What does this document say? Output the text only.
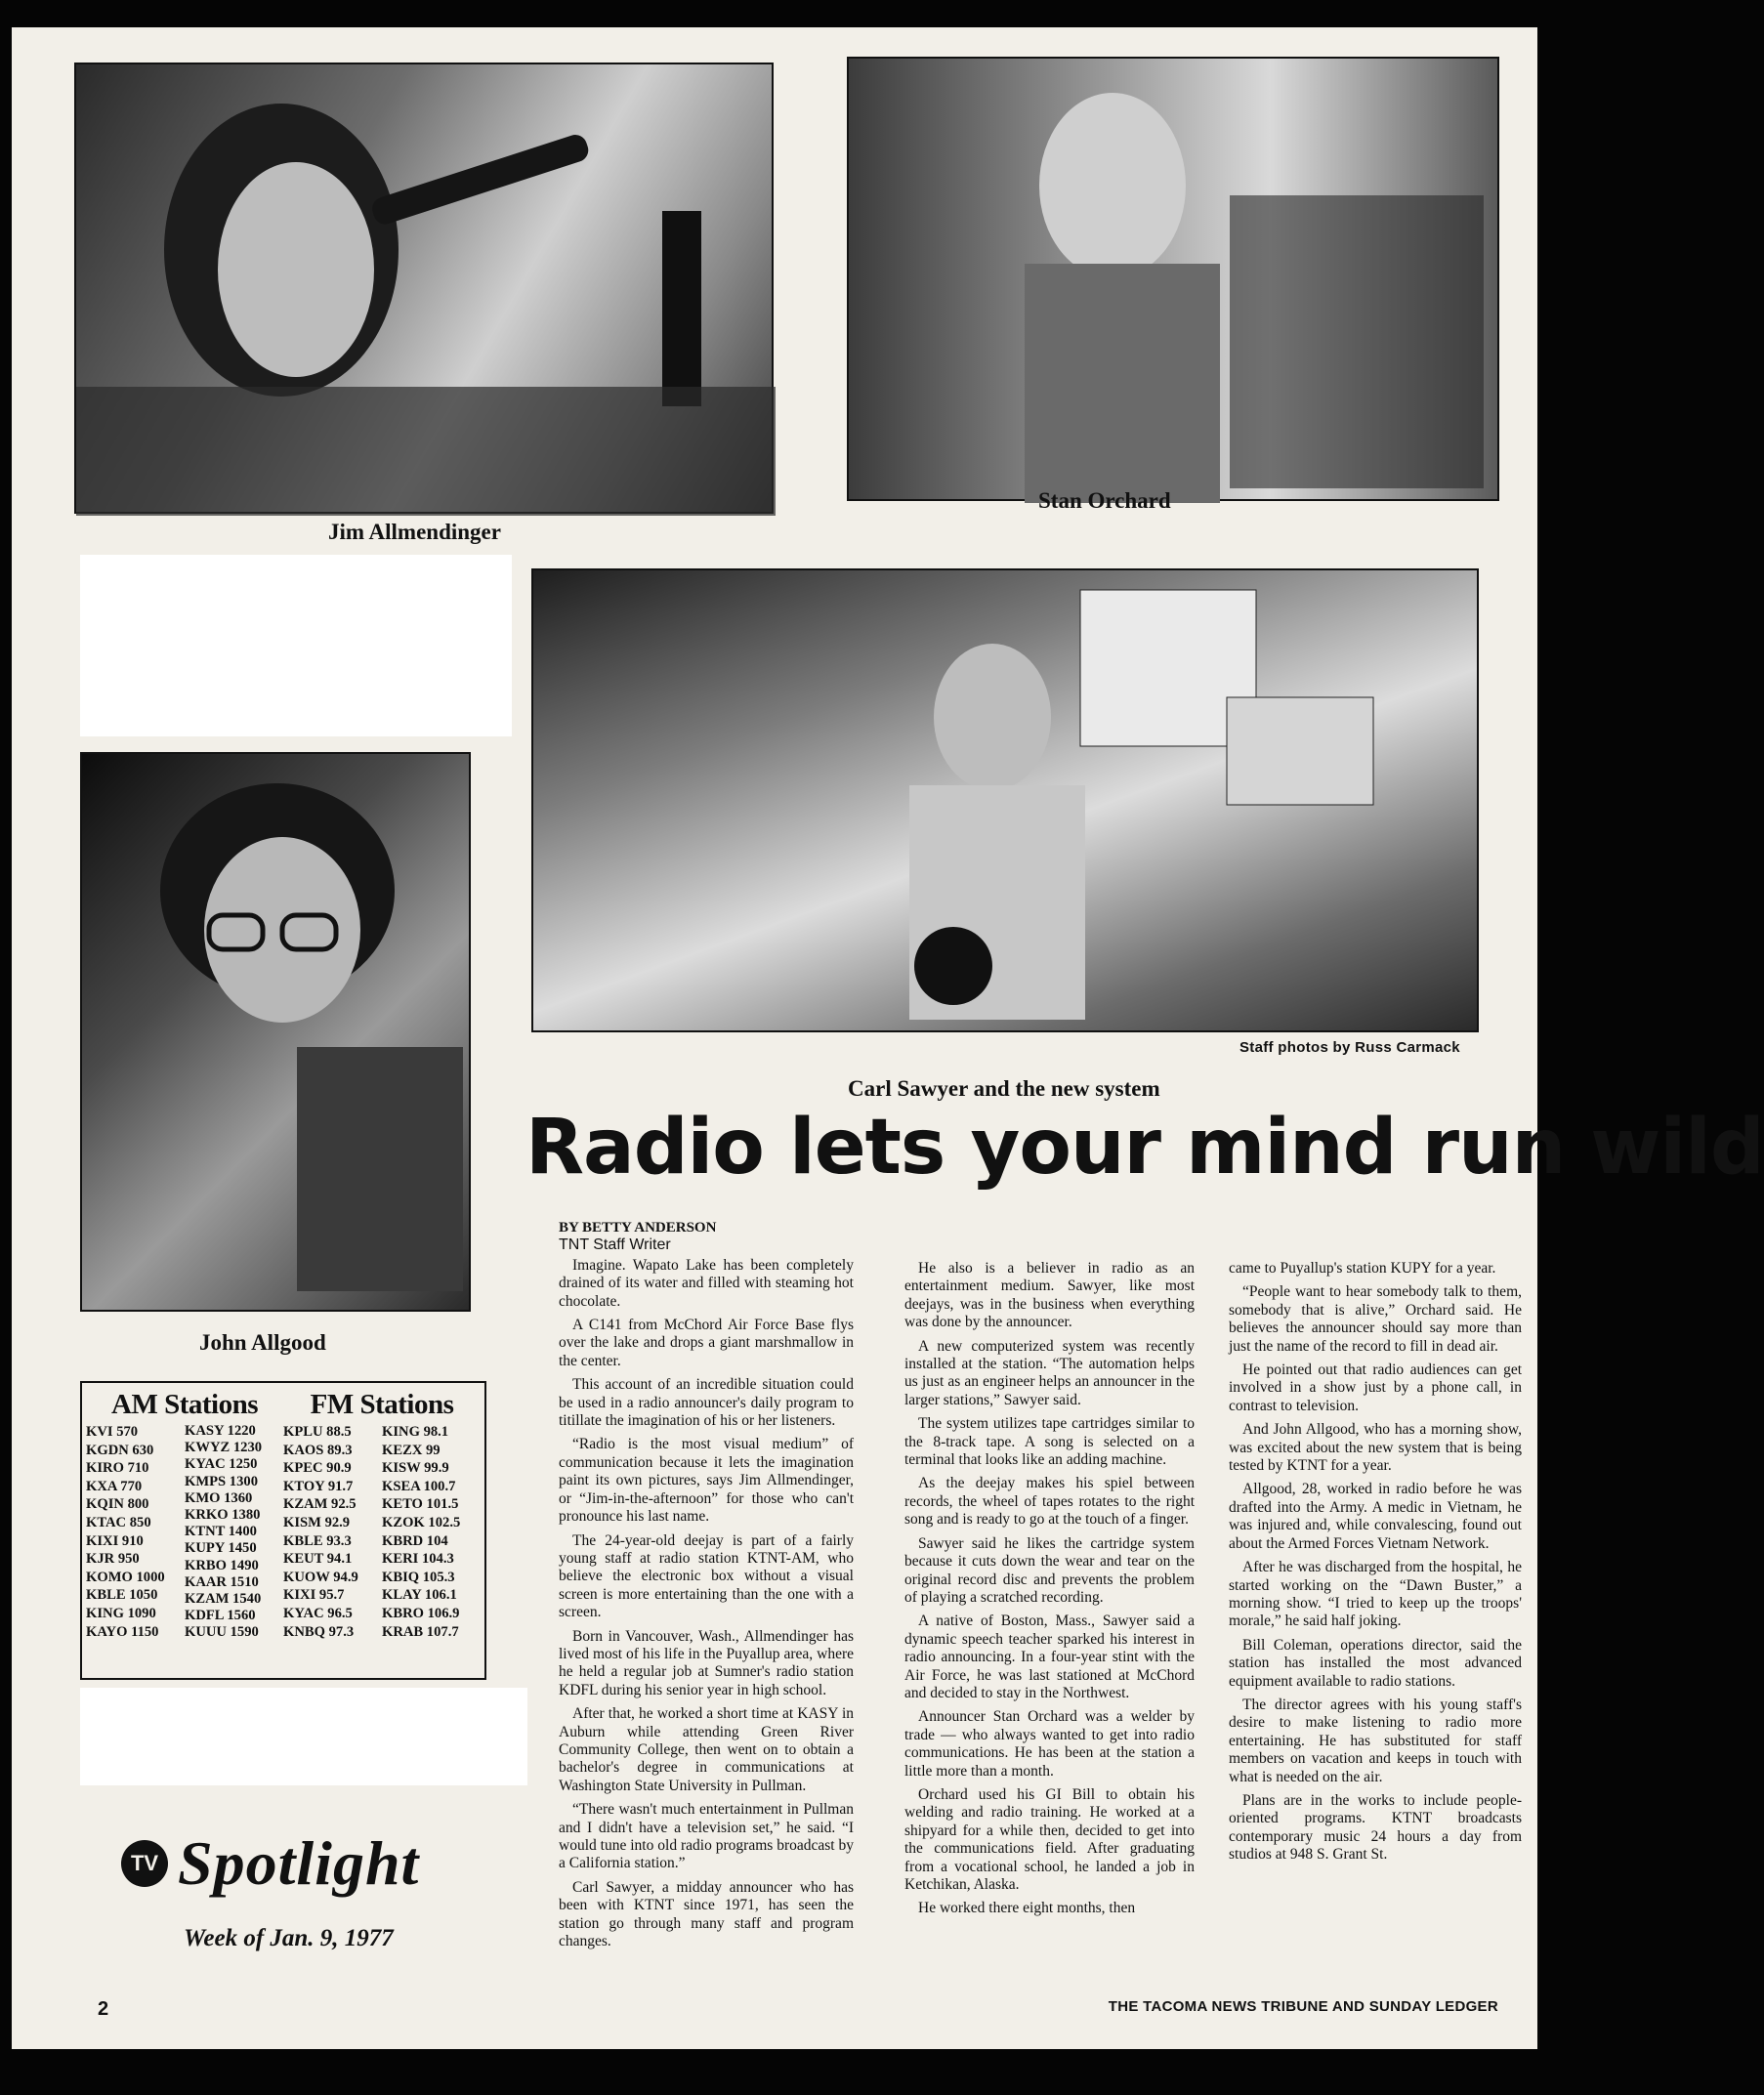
Jim Allmendinger
Stan Orchard
Carl Sawyer and the new system
Staff photos by Russ Carmack
John Allgood
AM Stations	FM Stations
KVI 570
KGDN 630
KIRO 710
KXA 770
KQIN 800
KTAC 850
KIXI 910
KJR 950
KOMO 1000
KBLE 1050
KING 1090
KAYO 1150
KASY 1220
KWYZ 1230
KYAC 1250
KMPS 1300
KMO 1360
KRKO 1380
KTNT 1400
KUPY 1450
KRBO 1490
KAAR 1510
KZAM 1540
KDFL 1560
KUUU 1590
KPLU 88.5
KAOS 89.3
KPEC 90.9
KTOY 91.7
KZAM 92.5
KISM 92.9
KBLE 93.3
KEUT 94.1
KUOW 94.9
KIXI 95.7
KYAC 96.5
KNBQ 97.3
KING 98.1
KEZX 99
KISW 99.9
KSEA 100.7
KETO 101.5
KZOK 102.5
KBRD 104
KERI 104.3
KBIQ 105.3
KLAY 106.1
KBRO 106.9
KRAB 107.7
TV Spotlight
Week of Jan. 9, 1977
Radio lets your mind run wild
BY BETTY ANDERSON
TNT Staff Writer

Imagine. Wapato Lake has been completely drained of its water and filled with steaming hot chocolate.

A C141 from McChord Air Force Base flys over the lake and drops a giant marshmallow in the center.

This account of an incredible situation could be used in a radio announcer's daily program to titillate the imagination of his or her listeners.

“Radio is the most visual medium” of communication because it lets the imagination paint its own pictures, says Jim Allmendinger, or “Jim-in-the-afternoon” for those who can't pronounce his last name.

The 24-year-old deejay is part of a fairly young staff at radio station KTNT-AM, who believe the electronic box without a visual screen is more entertaining than the one with a screen.

Born in Vancouver, Wash., Allmendinger has lived most of his life in the Puyallup area, where he held a regular job at Sumner's radio station KDFL during his senior year in high school.

After that, he worked a short time at KASY in Auburn while attending Green River Community College, then went on to obtain a bachelor's degree in communications at Washington State University in Pullman.

“There wasn't much entertainment in Pullman and I didn't have a television set,” he said. “I would tune into old radio programs broadcast by a California station.”

Carl Sawyer, a midday announcer who has been with KTNT since 1971, has seen the station go through many staff and program changes.

He also is a believer in radio as an entertainment medium. Sawyer, like most deejays, was in the business when everything was done by the announcer.

A new computerized system was recently installed at the station. “The automation helps us just as an engineer helps an announcer in the larger stations,” Sawyer said.

The system utilizes tape cartridges similar to the 8-track tape. A song is selected on a terminal that looks like an adding machine.

As the deejay makes his spiel between records, the wheel of tapes rotates to the right song and is ready to go at the touch of a finger.

Sawyer said he likes the cartridge system because it cuts down the wear and tear on the original record disc and prevents the problem of playing a scratched recording.

A native of Boston, Mass., Sawyer said a dynamic speech teacher sparked his interest in radio announcing. In a four-year stint with the Air Force, he was last stationed at McChord and decided to stay in the Northwest.

Announcer Stan Orchard was a welder by trade — who always wanted to get into radio communications. He has been at the station a little more than a month.

Orchard used his GI Bill to obtain his welding and radio training. He worked at a shipyard for a while then, decided to get into the communications field. After graduating from a vocational school, he landed a job in Ketchikan, Alaska.

He worked there eight months, then

came to Puyallup's station KUPY for a year.

“People want to hear somebody talk to them, somebody that is alive,” Orchard said. He believes the announcer should say more than just the name of the record to fill in dead air.

He pointed out that radio audiences can get involved in a show just by a phone call, in contrast to television.

And John Allgood, who has a morning show, was excited about the new system that is being tested by KTNT for a year.

Allgood, 28, worked in radio before he was drafted into the Army. A medic in Vietnam, he was injured and, while convalescing, found out about the Armed Forces Vietnam Network.

After he was discharged from the hospital, he started working on the “Dawn Buster,” a morning show. “I tried to keep up the troops' morale,” he said half joking.

Bill Coleman, operations director, said the station has installed the most advanced equipment available to radio stations.

The director agrees with his young staff's desire to make listening to radio more entertaining. He has substituted for staff members on vacation and keeps in touch with what is needed on the air.

Plans are in the works to include people-oriented programs. KTNT broadcasts contemporary music 24 hours a day from studios at 948 S. Grant St.

2	THE TACOMA NEWS TRIBUNE AND SUNDAY LEDGER
